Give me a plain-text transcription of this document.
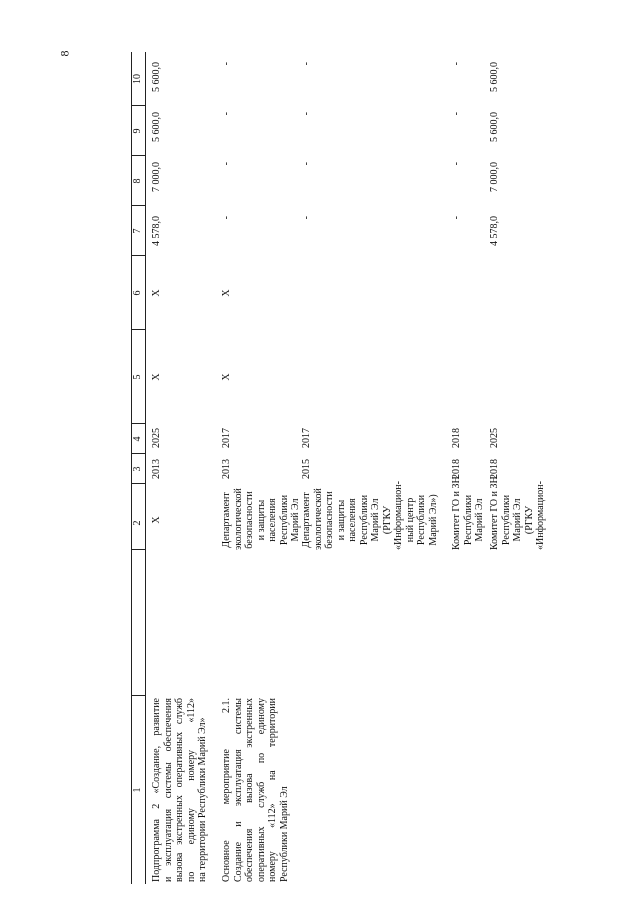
8
1
2
3
4
5
6
7
8
9
10
Подпрограмма 2 «Создание, развитие и эксплуатация системы обеспечения вызова экстренных оперативных служб по единому номеру «112» на территории Республики Марий Эл»
X
2013
2025
X
X
4 578,0
7 000,0
5 600,0
5 600,0
Основное мероприятие 2.1. Создание и эксплуатация системы обеспечения вызова экстренных оперативных служб по единому номеру «112» на территории Республики Марий Эл
Департамент экологической безопасности и защиты населения Республики Марий Эл
2013
2017
X
X
-
-
-
-
Департамент экологической безопасности и защиты населения Республики Марий Эл (РГКУ «Информацион- ный центр Республики Марий Эл»)
2015
2017
-
-
-
-
Комитет ГО и ЗН Республики Марий Эл
2018
2018
-
-
-
-
Комитет ГО и ЗН Республики Марий Эл (РГКУ «Информацион-
2018
2025
4 578,0
7 000,0
5 600,0
5 600,0
